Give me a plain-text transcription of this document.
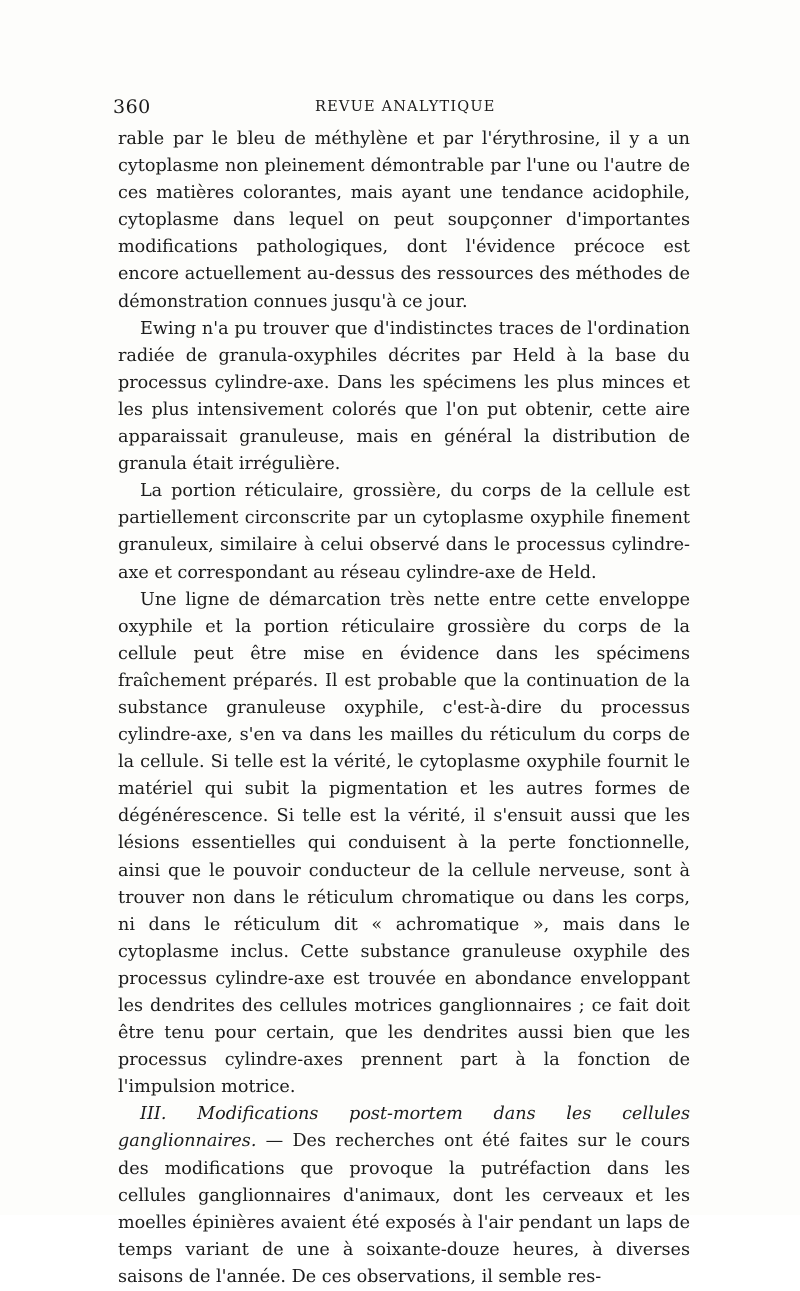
360	REVUE ANALYTIQUE

rable par le bleu de méthylène et par l'érythrosine, il y a un cytoplasme non pleinement démontrable par l'une ou l'autre de ces matières colorantes, mais ayant une tendance acidophile, cytoplasme dans lequel on peut soupçonner d'importantes modifications pathologiques, dont l'évidence précoce est encore actuellement au-dessus des ressources des méthodes de démonstration connues jusqu'à ce jour.

Ewing n'a pu trouver que d'indistinctes traces de l'ordination radiée de granula-oxyphiles décrites par Held à la base du processus cylindre-axe. Dans les spécimens les plus minces et les plus intensivement colorés que l'on put obtenir, cette aire apparaissait granuleuse, mais en général la distribution de granula était irrégulière.

La portion réticulaire, grossière, du corps de la cellule est partiellement circonscrite par un cytoplasme oxyphile finement granuleux, similaire à celui observé dans le processus cylindre-axe et correspondant au réseau cylindre-axe de Held.

Une ligne de démarcation très nette entre cette enveloppe oxyphile et la portion réticulaire grossière du corps de la cellule peut être mise en évidence dans les spécimens fraîchement préparés. Il est probable que la continuation de la substance granuleuse oxyphile, c'est-à-dire du processus cylindre-axe, s'en va dans les mailles du réticulum du corps de la cellule. Si telle est la vérité, le cytoplasme oxyphile fournit le matériel qui subit la pigmentation et les autres formes de dégénérescence. Si telle est la vérité, il s'ensuit aussi que les lésions essentielles qui conduisent à la perte fonctionnelle, ainsi que le pouvoir conducteur de la cellule nerveuse, sont à trouver non dans le réticulum chromatique ou dans les corps, ni dans le réticulum dit « achromatique », mais dans le cytoplasme inclus. Cette substance granuleuse oxyphile des processus cylindre-axe est trouvée en abondance enveloppant les dendrites des cellules motrices ganglionnaires ; ce fait doit être tenu pour certain, que les dendrites aussi bien que les processus cylindre-axes prennent part à la fonction de l'impulsion motrice.

III. Modifications post-mortem dans les cellules ganglionnaires. — Des recherches ont été faites sur le cours des modifications que provoque la putréfaction dans les cellules ganglionnaires d'animaux, dont les cerveaux et les moelles épinières avaient été exposés à l'air pendant un laps de temps variant de une à soixante-douze heures, à diverses saisons de l'année. De ces observations, il semble res-
